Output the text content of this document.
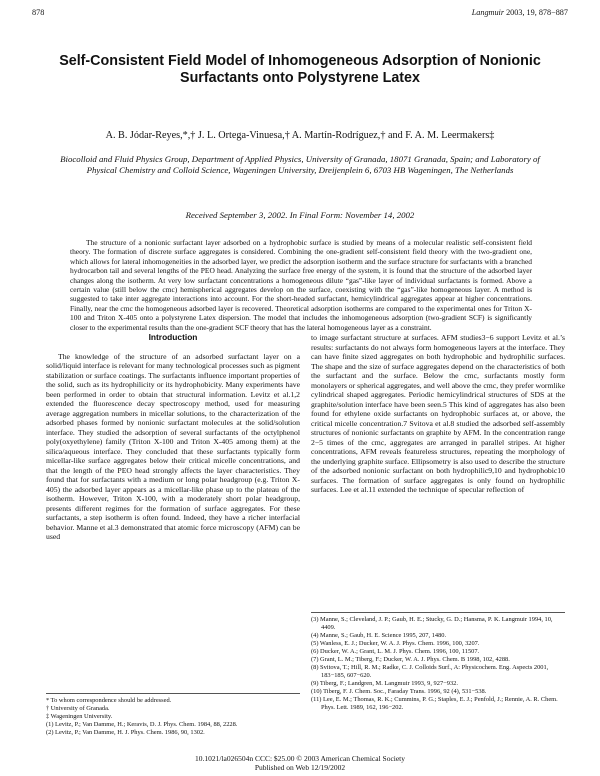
878	Langmuir 2003, 19, 878−887
Self-Consistent Field Model of Inhomogeneous Adsorption of Nonionic Surfactants onto Polystyrene Latex
A. B. Jódar-Reyes,*,† J. L. Ortega-Vinuesa,† A. Martín-Rodríguez,† and F. A. M. Leermakers‡
Biocolloid and Fluid Physics Group, Department of Applied Physics, University of Granada, 18071 Granada, Spain; and Laboratory of Physical Chemistry and Colloid Science, Wageningen University, Dreijenplein 6, 6703 HB Wageningen, The Netherlands
Received September 3, 2002. In Final Form: November 14, 2002
The structure of a nonionic surfactant layer adsorbed on a hydrophobic surface is studied by means of a molecular realistic self-consistent field theory. The formation of discrete surface aggregates is considered. Combining the one-gradient self-consistent field theory with the two-gradient one, which allows for lateral inhomogeneities in the adsorbed layer, we predict the adsorption isotherm and the surface structure for surfactants with a branched hydrocarbon tail and several lengths of the PEO head. Analyzing the surface free energy of the system, it is found that the structure of the adsorbed layer changes along the isotherm. At very low surfactant concentrations a homogeneous dilute “gas”-like layer of individual surfactants is formed. Above a certain value (still below the cmc) hemispherical aggregates develop on the surface, coexisting with the “gas”-like homogeneous layer. A method is suggested to take inter aggregate interactions into account. For the short-headed surfactant, hemicylindrical aggregates appear at higher concentrations. Finally, near the cmc the homogeneous adsorbed layer is recovered. Theoretical adsorption isotherms are compared to the experimental ones for Triton X-100 and Triton X-405 onto a polystyrene Latex dispersion. The model that includes the inhomogeneous adsorption (two-gradient SCF) is significantly closer to the experimental results than the one-gradient SCF theory that has the lateral homogeneous layer as a constraint.
Introduction

The knowledge of the structure of an adsorbed surfactant layer on a solid/liquid interface is relevant for many technological processes such as pigment stabilization or surface coatings. The surfactants influence important properties of the solid, such as its hydrophilicity or its hydrophobicity. Many experiments have been performed in order to obtain that structural information. Levitz et al.1,2 extended the fluorescence decay spectroscopy method, used for measuring average aggregation numbers in micellar solutions, to the characterization of the adsorbed phases formed by nonionic surfactant molecules at the solid/solution interface. They studied the adsorption of several surfactants of the octylphenol poly(oxyethylene) family (Triton X-100 and Triton X-405 among them) at the silica/aqueous interface. They concluded that these surfactants typically form micellar-like surface aggregates below their critical micelle concentrations, and that the length of the PEO head strongly affects the layer characteristics. They found that for surfactants with a medium or long polar headgroup (e.g. Triton X-405) the adsorbed layer appears as a micellar-like phase up to the plateau of the isotherm. However, Triton X-100, with a moderately short polar headgroup, presents different regimes for the formation of surface aggregates. For these surfactants, a step isotherm is often found. Indeed, they have a richer interfacial behavior. Manne et al.3 demonstrated that atomic force microscopy (AFM) can be used

to image surfactant structure at surfaces. AFM studies3−6 support Levitz et al.’s results: surfactants do not always form homogeneous layers at the interface. They can have finite sized aggregates on both hydrophobic and hydrophilic surfaces. The shape and the size of surface aggregates depend on the characteristics of both the surfactant and the surface. Below the cmc, surfactants mostly form monolayers or spherical aggregates, and well above the cmc, they prefer wormlike cylindrical shaped aggregates. Periodic hemicylindrical structures of SDS at the graphite/solution interface have been seen.5 This kind of aggregates has also been found for ethylene oxide surfactants on hydrophobic surfaces at, or above, the critical micelle concentration.7 Svitova et al.8 studied the adsorbed self-assembly structures of nonionic surfactants on graphite by AFM. In the concentration range 2−5 times of the cmc, aggregates are arranged in parallel stripes. At higher concentrations, AFM reveals featureless structures, repeating the morphology of the underlying graphite surface. Ellipsometry is also used to describe the structure of the adsorbed nonionic surfactant on both hydrophilic9,10 and hydrophobic10 surfaces. The formation of surface aggregates is only found on hydrophilic surfaces. Lee et al.11 extended the technique of specular reflection of

* To whom correspondence should be addressed.

† University of Granada.

‡ Wageningen University.

(1) Levitz, P.; Van Damme, H.; Keravis, D. J. Phys. Chem. 1984, 88, 2228.

(2) Levitz, P.; Van Damme, H. J. Phys. Chem. 1986, 90, 1302.

(3) Manne, S.; Cleveland, J. P.; Gaub, H. E.; Stucky, G. D.; Hansma, P. K. Langmuir 1994, 10, 4409.

(4) Manne, S.; Gaub, H. E. Science 1995, 207, 1480.

(5) Wanless, E. J.; Ducker, W. A. J. Phys. Chem. 1996, 100, 3207.

(6) Ducker, W. A.; Grant, L. M. J. Phys. Chem. 1996, 100, 11507.

(7) Grant, L. M.; Tiberg, F.; Ducker, W. A. J. Phys. Chem. B 1998, 102, 4288.

(8) Svitova, T.; Hill, R. M.; Radke, C. J. Colloids Surf., A: Physicochem. Eng. Aspects 2001, 183−185, 607−620.

(9) Tiberg, F.; Landgren, M. Langmuir 1993, 9, 927−932.

(10) Tiberg, F. J. Chem. Soc., Faraday Trans. 1996, 92 (4), 531−538.

(11) Lee, E. M.; Thomas, R. K.; Cummins, P. G.; Staples, E. J.; Penfold, J.; Rennie, A. R. Chem. Phys. Lett. 1989, 162, 196−202.

10.1021/la026504n CCC: $25.00 © 2003 American Chemical Society
Published on Web 12/19/2002
